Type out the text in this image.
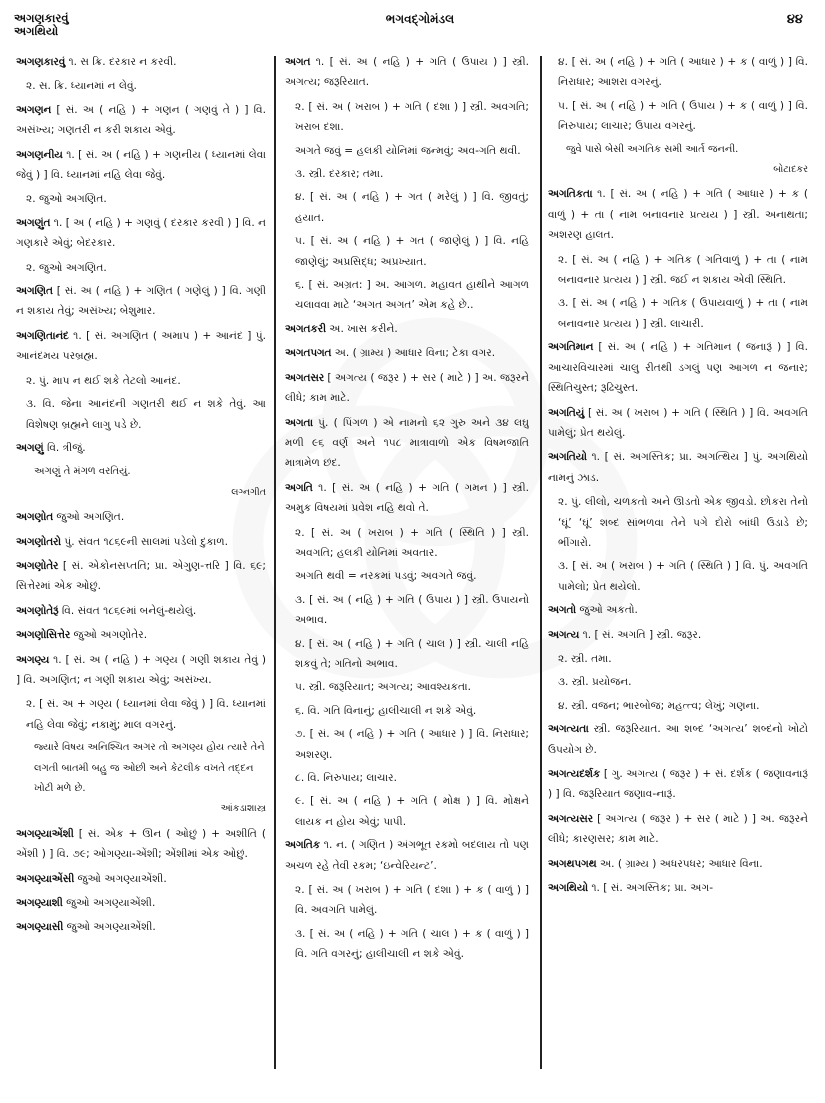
અગણકારવું
અગથિયો
ભગવદ્ગોમંડલ	૪૪
અગણકારવું ૧. સ ક્રિ. દરકાર ન કરવી.
૨. સ. ક્રિ. ધ્યાનમાં ન લેવું.
અગણન [ સં. અ ( નહિ ) + ગણન ( ગણવું તે ) ] વિ. અસંખ્ય; ગણતરી ન કરી શકાય એવું.
અગણનીય ૧. [ સં. અ ( નહિ ) + ગણનીય ( ધ્યાનમાં લેવા જેવું ) ] વિ. ધ્યાનમાં નહિ લેવા જેવું.
૨. જુઓ અગણિત.
અગણુંત ૧. [ અ ( નહિ ) + ગણવું ( દરકાર કરવી ) ] વિ. ન ગણકારે એવું; બેદરકાર.
૨. જુઓ અગણિત.
અગણિત [ સં. અ ( નહિ ) + ગણિત ( ગણેલું ) ] વિ. ગણી ન શકાય તેવું; અસંખ્ય; બેશુમાર.
અગણિતાનંદ ૧. [ સં. અગણિત ( અમાપ ) + આનંદ ] પું. આનંદમય પરબ્રહ્મ.
૨. પું. માપ ન થઈ શકે તેટલો આનંદ.
૩. વિ. જેના આનંદની ગણતરી થઈ ન શકે તેવું. આ વિશેષણ બ્રહ્મને લાગુ પડે છે.
અગણું વિ. ત્રીજું.
અગણું તે મંગળ વરતિયું.
લગ્નગીત
અગણોત જુઓ અગણિત.
અગણોતરો પું. સંવત ૧૮૬૯ની સાલમાં પડેલો દુકાળ.
અગણોતેર [ સં. એકોનસપ્તતિ; પ્રા. એગુણ-ત્તરિ ] વિ. ૬૯; સિત્તેરમાં એક ઓછું.
અગણોતેરૂં વિ. સંવત ૧૮૬૯માં બનેલું-થયેલું.
અગણોસિત્તેર જુઓ અગણોતેર.
અગણ્ય ૧. [ સં. અ ( નહિ ) + ગણ્ય ( ગણી શકાય તેવું ) ] વિ. અગણિત; ન ગણી શકાય એવું; અસંખ્ય.
૨. [ સં. અ + ગણ્ય ( ધ્યાનમાં લેવા જેવું ) ] વિ. ધ્યાનમાં નહિ લેવા જેવું; નકામું; માલ વગરનું.
જ્યારે વિષય અનિશ્ચિત અગર તો અગણ્ય હોય ત્યારે તેને લગતી બાતમી બહુ જ ઓછી અને કેટલીક વખતે તદ્દન ખોટી મળે છે.
આંકડાશાસ્ત્ર
અગણ્યાએંશી [ સં. એક + ઊન ( ઓછું ) + અશીતિ ( એંશી ) ] વિ. ૭૯; ઓગણ્યા-એંશી; એંશીમાં એક ઓછું.
અગણ્યાએંસી જુઓ અગણ્યાએંશી.
અગણ્યાશી જુઓ અગણ્યાએંશી.
અગણ્યાસી જુઓ અગણ્યાએંશી.
અગત ૧. [ સં. અ ( નહિ ) + ગતિ ( ઉપાય ) ] સ્ત્રી. અગત્ય; જરૂરિયાત.
૨. [ સં. અ ( ખરાબ ) + ગતિ ( દશા ) ] સ્ત્રી. અવગતિ; ખરાબ દશા.
અગતે જવું = હલકી યોનિમાં જન્મવું; અવ-ગતિ થવી.
૩. સ્ત્રી. દરકાર; તમા.
૪. [ સં. અ ( નહિ ) + ગત ( મરેલું ) ] વિ. જીવતું; હયાત.
૫. [ સં. અ ( નહિ ) + ગત ( જાણેલું ) ] વિ. નહિ જાણેલું; અપ્રસિદ્ધ; અપ્રખ્યાત.
૬. [ સં. અગ્રત: ] અ. આગળ. મહાવત હાથીને આગળ ચલાવવા માટે ‘અગત અગત’ એમ કહે છે..
અગતકરી અ. ખાસ કરીને.
અગતપગત અ. ( ગ્રામ્ય ) આધાર વિના; ટેકા વગર.
અગતસર [ અગત્ય ( જરૂર ) + સર ( માટે ) ] અ. જરૂરને લીધે; કામ માટે.
અગતા પું. ( પિંગળ ) એ નામનો ૬૨ ગુરુ અને ૩૪ લઘુ મળી ૯૬ વર્ણ અને ૧૫૮ માત્રાવાળો એક વિષમજાતિ માત્રામેળ છંદ.
અગતિ ૧. [ સં. અ ( નહિ ) + ગતિ ( ગમન ) ] સ્ત્રી. અમુક વિષયમાં પ્રવેશ નહિ થવો તે.
૨. [ સં. અ ( ખરાબ ) + ગતિ ( સ્થિતિ ) ] સ્ત્રી. અવગતિ; હલકી યોનિમાં અવતાર.
અગતિ થવી = નરકમાં પડવું; અવગતે જવું.
૩. [ સં. અ ( નહિ ) + ગતિ ( ઉપાય ) ] સ્ત્રી. ઉપાયનો અભાવ.
૪. [ સં. અ ( નહિ ) + ગતિ ( ચાલ ) ] સ્ત્રી. ચાલી નહિ શકવું તે; ગતિનો અભાવ.
૫. સ્ત્રી. જરૂરિયાત; અગત્ય; આવશ્યકતા.
૬. વિ. ગતિ વિનાનું; હાલીચાલી ન શકે એવું.
૭. [ સં. અ ( નહિ ) + ગતિ ( આધાર ) ] વિ. નિરાધાર; અશરણ.
૮. વિ. નિરુપાય; લાચાર.
૯. [ સં. અ ( નહિ ) + ગતિ ( મોક્ષ ) ] વિ. મોક્ષને લાયક ન હોય એવું; પાપી.
અગતિક ૧. ન. ( ગણિત ) અંગભૂત રકમો બદલાય તો પણ અચળ રહે તેવી રકમ; ‘ઇન્વેરિયન્ટ’.
૨. [ સં. અ ( ખરાબ ) + ગતિ ( દશા ) + ક ( વાળું ) ] વિ. અવગતિ પામેલું.
૩. [ સં. અ ( નહિ ) + ગતિ ( ચાલ ) + ક ( વાળું ) ] વિ. ગતિ વગરનું; હાલીચાલી ન શકે એવું.
૪. [ સં. અ ( નહિ ) + ગતિ ( આધાર ) + ક ( વાળું ) ] વિ. નિરાધાર; આશરા વગરનું.
૫. [ સં. અ ( નહિ ) + ગતિ ( ઉપાય ) + ક ( વાળું ) ] વિ. નિરુપાય; લાચાર; ઉપાય વગરનું.
જુવે પાસે બેસી અગતિક સમી આર્ત જનની.
બોટાદકર
અગતિકતા ૧. [ સં. અ ( નહિ ) + ગતિ ( આધાર ) + ક ( વાળું ) + તા ( નામ બનાવનાર પ્રત્યય ) ] સ્ત્રી. અનાથતા; અશરણ હાલત.
૨. [ સં. અ ( નહિ ) + ગતિક ( ગતિવાળું ) + તા ( નામ બનાવનાર પ્રત્યય ) ] સ્ત્રી. જઈ ન શકાય એવી સ્થિતિ.
૩. [ સં. અ ( નહિ ) + ગતિક ( ઉપાયવાળું ) + તા ( નામ બનાવનાર પ્રત્યય ) ] સ્ત્રી. લાચારી.
અગતિમાન [ સં. અ ( નહિ ) + ગતિમાન ( જનારૂં ) ] વિ. આચારવિચારમાં ચાલુ રીતથી ડગલું પણ આગળ ન જનાર; સ્થિતિચુસ્ત; રૂઢિચુસ્ત.
અગતિયું [ સં. અ ( ખરાબ ) + ગતિ ( સ્થિતિ ) ] વિ. અવગતિ પામેલું; પ્રેત થયેલું.
અગતિયો ૧. [ સં. અગસ્તિક; પ્રા. અગત્થિય ] પું. અગથિયો નામનું ઝાડ.
૨. પું. લીલો, ચળકતો અને ઊડતો એક જીવડો. છોકરા તેનો ‘ઘૂં’ ‘ઘૂં’ શબ્દ સાંભળવા તેને પગે દોરો બાંધી ઉડાડે છે; ભીંગારો.
૩. [ સં. અ ( ખરાબ ) + ગતિ ( સ્થિતિ ) ] વિ. પું. અવગતિ પામેલો; પ્રેત થયેલો.
અગતો જુઓ અકતો.
અગત્ય ૧. [ સં. અગતિ ] સ્ત્રી. જરૂર.
૨. સ્ત્રી. તમા.
૩. સ્ત્રી. પ્રયોજન.
૪. સ્ત્રી. વજન; ભારબોજ; મહત્ત્વ; લેખું; ગણના.
અગત્યતા સ્ત્રી. જરૂરિયાત. આ શબ્દ ‘અગત્ય’ શબ્દનો ખોટો ઉપયોગ છે.
અગત્યદર્શક [ ગુ. અગત્ય ( જરૂર ) + સં. દર્શક ( જણાવનારૂં ) ] વિ. જરૂરિયાત જણાવ-નારૂં.
અગત્યસર [ અગત્ય ( જરૂર ) + સર ( માટે ) ] અ. જરૂરને લીધે; કારણસર; કામ માટે.
અગથપગથ અ. ( ગ્રામ્ય ) અધરપધર; આધાર વિના.
અગથિયો ૧. [ સં. અગસ્તિક; પ્રા. અગ-
